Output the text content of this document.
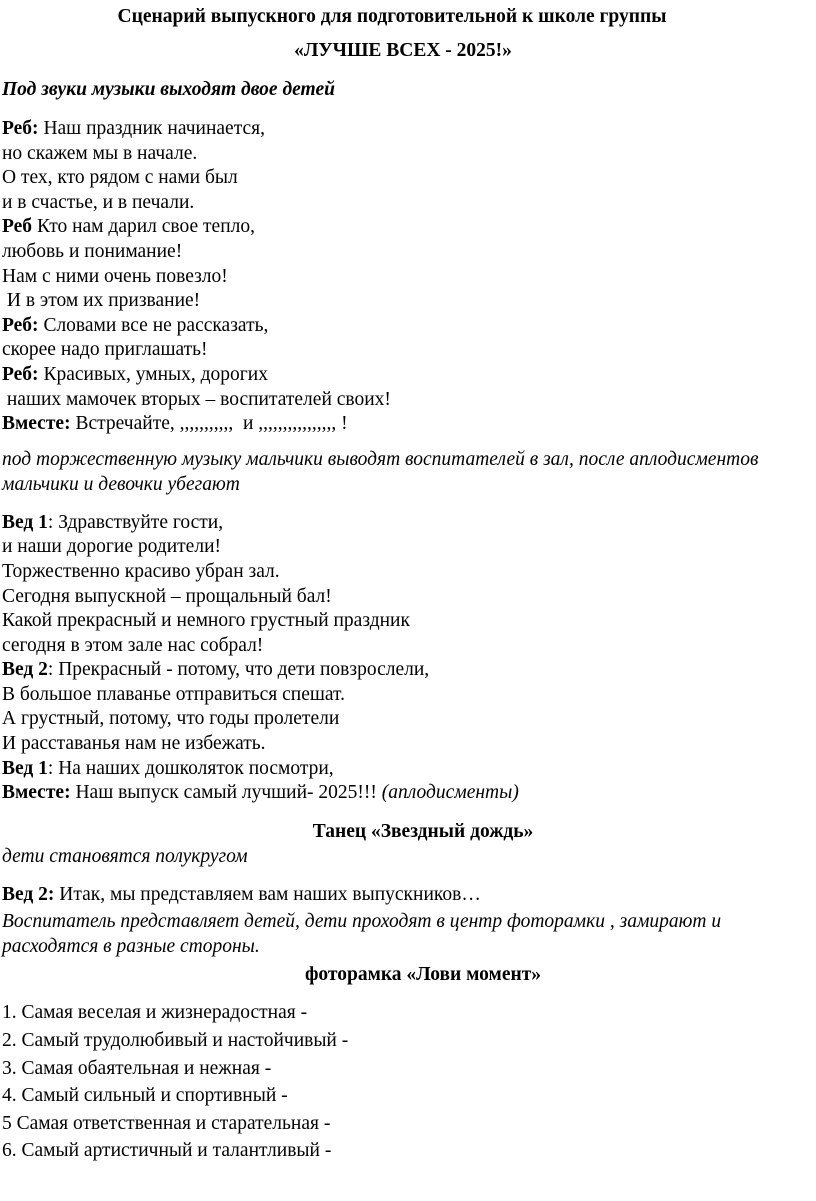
Сценарий выпускного для подготовительной к школе группы
«ЛУЧШЕ ВСЕХ - 2025!»
Под звуки музыки выходят двое детей
Реб: Наш праздник начинается,
но скажем мы в начале.
О тех, кто рядом с нами был
и в счастье, и в печали.
Реб Кто нам дарил свое тепло,
любовь и понимание!
Нам с ними очень повезло!
И в этом их призвание!
Реб: Словами все не рассказать,
скорее надо приглашать!
Реб: Красивых, умных, дорогих
наших мамочек вторых – воспитателей своих!
Вместе: Встречайте, ,,,,,,,,,,,  и ,,,,,,,,,,,,,,,, !
под торжественную музыку мальчики выводят воспитателей в зал, после аплодисментов мальчики и девочки убегают
Вед 1: Здравствуйте гости,
и наши дорогие родители!
Торжественно красиво убран зал.
Сегодня выпускной – прощальный бал!
Какой прекрасный и немного грустный праздник
сегодня в этом зале нас собрал!
Вед 2: Прекрасный - потому, что дети повзрослели,
В большое плаванье отправиться спешат.
А грустный, потому, что годы пролетели
И расставанья нам не избежать.
Вед 1: На наших дошколяток посмотри,
Вместе: Наш выпуск самый лучший- 2025!!! (аплодисменты)
Танец «Звездный дождь»
дети становятся полукругом
Вед 2: Итак, мы представляем вам наших выпускников…
Воспитатель представляет детей, дети проходят в центр фоторамки , замирают и расходятся в разные стороны.
фоторамка «Лови момент»
1. Самая веселая и жизнерадостная -
2. Самый трудолюбивый и настойчивый -
3. Самая обаятельная и нежная -
4. Самый сильный и спортивный -
5 Самая ответственная и старательная -
6. Самый артистичный и талантливый -
